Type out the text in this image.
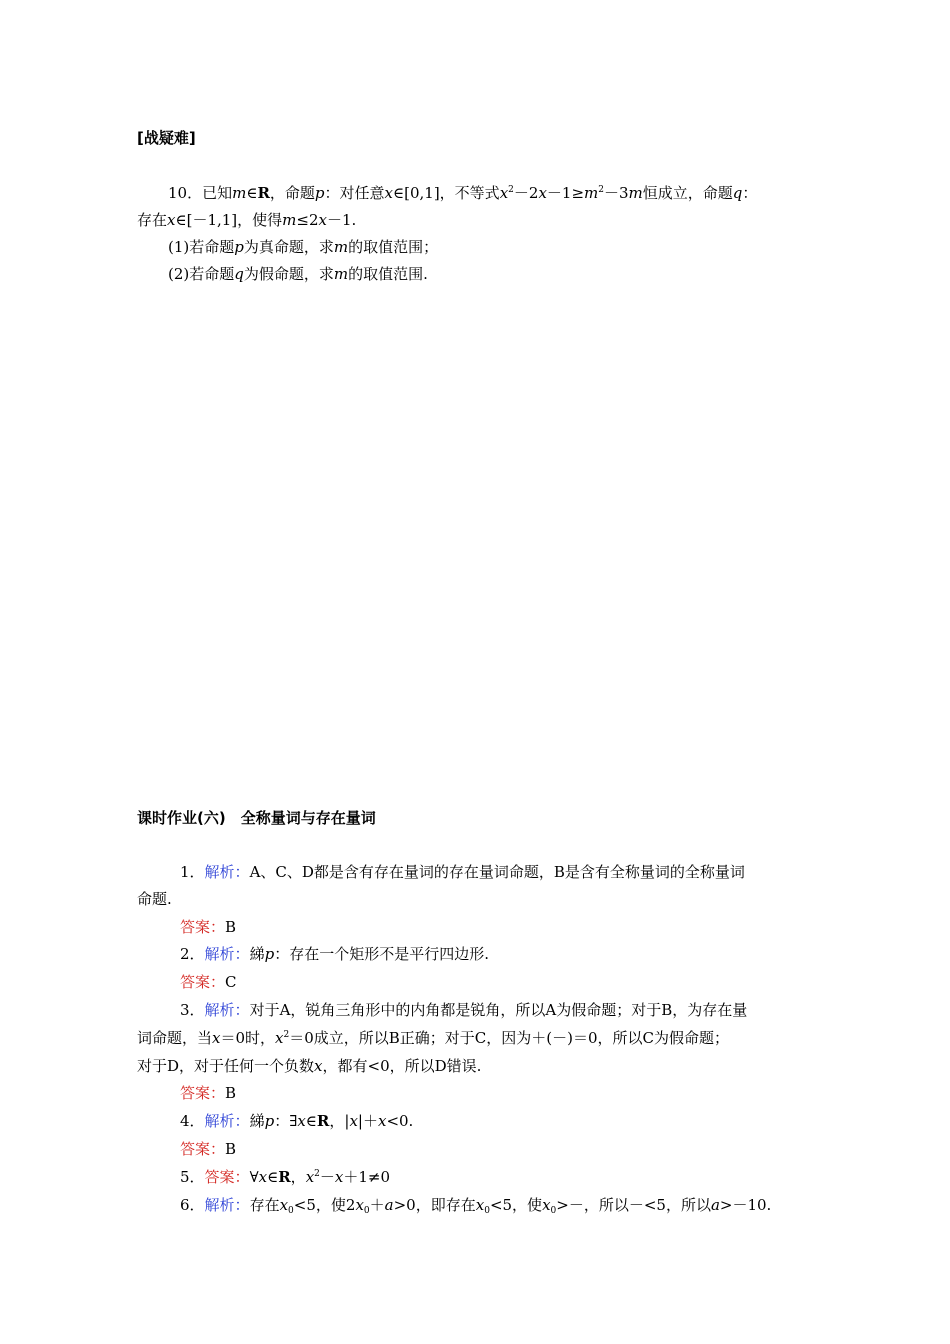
[战疑难]
10．已知m∈R，命题p：对任意x∈[0,1]，不等式$x^2-2x-1\ge m^2-3m$恒成立，命题q：
存在x∈[－1,1]，使得m≤2x－1.
(1)若命题p为真命题，求m的取值范围；
(2)若命题q为假命题，求m的取值范围.
课时作业(六)　全称量词与存在量词
1．解析：A、C、D都是含有存在量词的存在量词命题，B是含有全称量词的全称量词
命题.
答案：B
2．解析：綈p：存在一个矩形不是平行四边形.
答案：C
3．解析：对于A，锐角三角形中的内角都是锐角，所以A为假命题；对于B，为存在量
词命题，当x＝0时，$x^2=0$成立，所以B正确；对于C，因为＋(－)＝0，所以C为假命题；
对于D，对于任何一个负数x，都有<0，所以D错误.
答案：B
4．解析：綈p：∃x∈R，|x|＋x<0.
答案：B
5．答案：∀x∈R，$x^2-x+1\ne 0$
6．解析：存在$x_0<5$，使$2x_0+a>0$，即存在$x_0<5$，使$x_0>-$，所以－<5，所以a>－10.
